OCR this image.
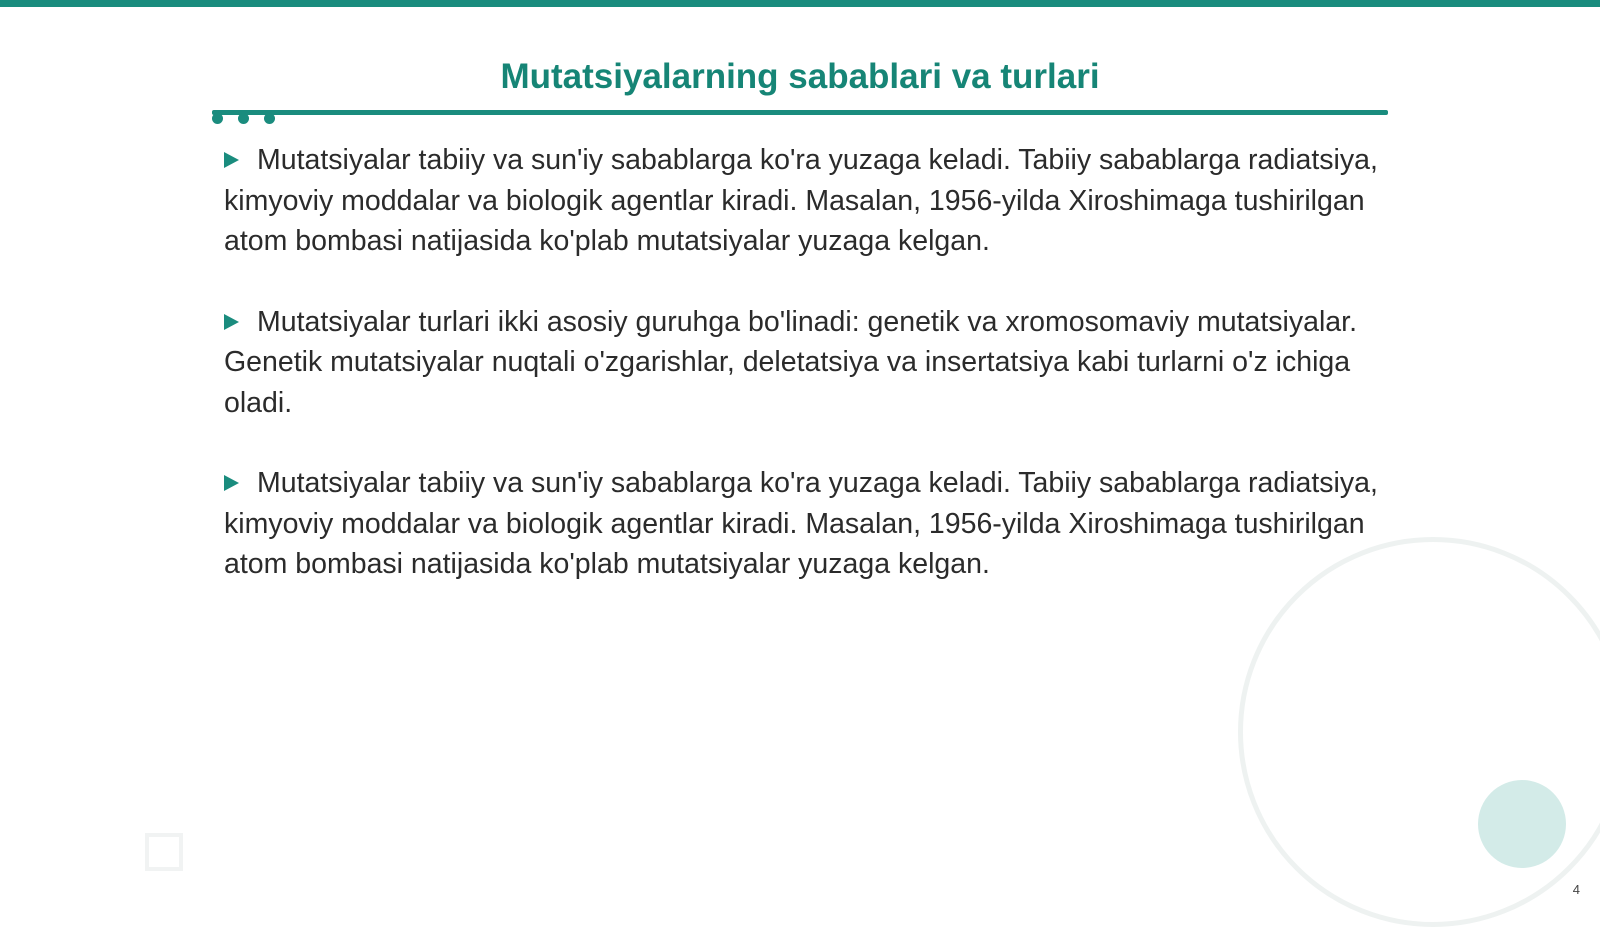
Mutatsiyalarning sabablari va turlari

Mutatsiyalar tabiiy va sun'iy sabablarga ko'ra yuzaga keladi. Tabiiy sabablarga radiatsiya, kimyoviy moddalar va biologik agentlar kiradi. Masalan, 1956-yilda Xiroshimaga tushirilgan atom bombasi natijasida ko'plab mutatsiyalar yuzaga kelgan.

Mutatsiyalar turlari ikki asosiy guruhga bo'linadi: genetik va xromosomaviy mutatsiyalar. Genetik mutatsiyalar nuqtali o'zgarishlar, deletatsiya va insertatsiya kabi turlarni o'z ichiga oladi.

Mutatsiyalar tabiiy va sun'iy sabablarga ko'ra yuzaga keladi. Tabiiy sabablarga radiatsiya, kimyoviy moddalar va biologik agentlar kiradi. Masalan, 1956-yilda Xiroshimaga tushirilgan atom bombasi natijasida ko'plab mutatsiyalar yuzaga kelgan.

4
